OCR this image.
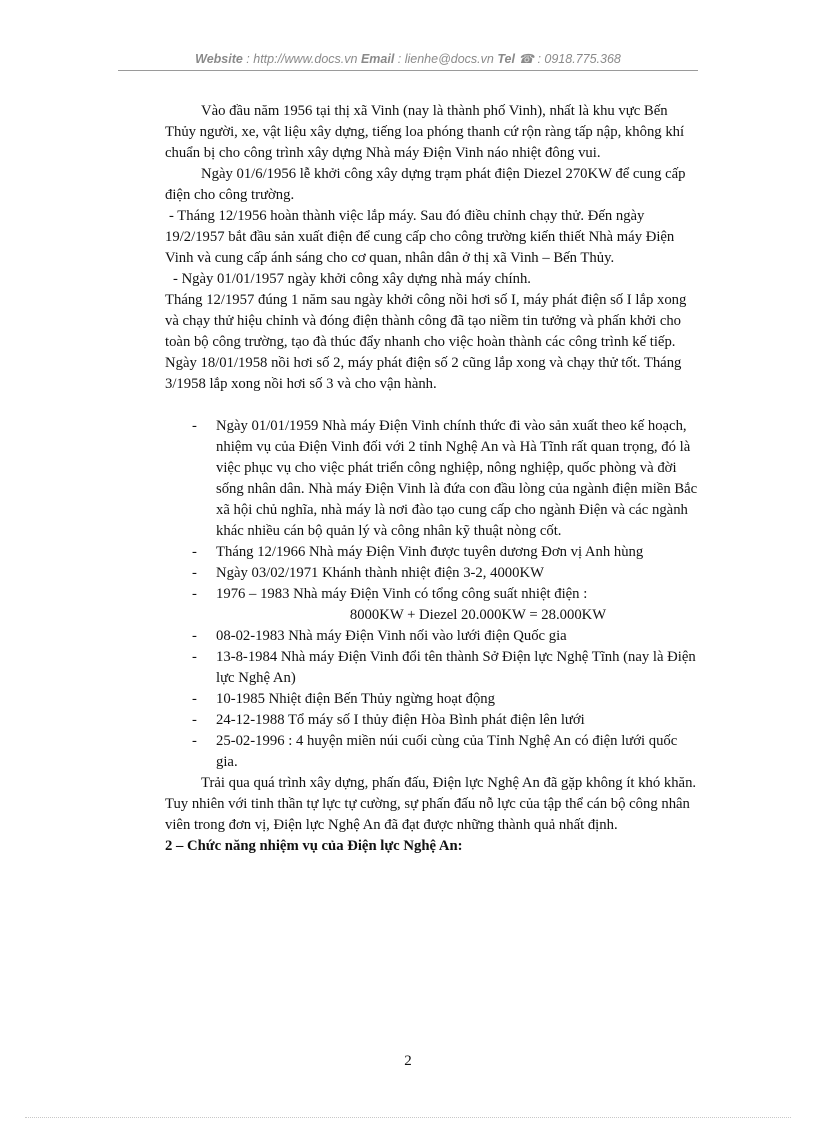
Website : http://www.docs.vn Email : lienhe@docs.vn Tel ☎ : 0918.775.368

Vào đầu năm 1956 tại thị xã Vinh (nay là thành phố Vinh), nhất là khu vực Bến Thủy người, xe, vật liệu xây dựng, tiếng loa phóng thanh cứ rộn ràng tấp nập, không khí chuẩn bị cho công trình xây dựng Nhà máy Điện Vinh náo nhiệt đông vui.

Ngày 01/6/1956 lễ khởi công xây dựng trạm phát điện Diezel 270KW để cung cấp điện cho công trường.

- Tháng 12/1956 hoàn thành việc lắp máy. Sau đó điều chỉnh chạy thử. Đến ngày 19/2/1957 bắt đầu sản xuất điện để cung cấp cho công trường kiến thiết Nhà máy Điện Vinh và cung cấp ánh sáng cho cơ quan, nhân dân ở thị xã Vinh – Bến Thủy.

- Ngày 01/01/1957 ngày khởi công xây dựng nhà máy chính.

Tháng 12/1957 đúng 1 năm sau ngày khởi công nồi hơi số I, máy phát điện số I lắp xong và chạy thử hiệu chỉnh và đóng điện thành công đã tạo niềm tin tưởng và phấn khởi cho toàn bộ công trường, tạo đà thúc đẩy nhanh cho việc hoàn thành các công trình kế tiếp. Ngày 18/01/1958 nồi hơi số 2, máy phát điện số 2 cũng lắp xong và chạy thử tốt. Tháng 3/1958 lắp xong nồi hơi số 3 và cho vận hành.

- Ngày 01/01/1959 Nhà máy Điện Vinh chính thức đi vào sản xuất theo kế hoạch, nhiệm vụ của Điện Vinh đối với 2 tỉnh Nghệ An và Hà Tĩnh rất quan trọng, đó là việc phục vụ cho việc phát triển công nghiệp, nông nghiệp, quốc phòng và đời sống nhân dân. Nhà máy Điện Vinh là đứa con đầu lòng của ngành điện miền Bắc xã hội chủ nghĩa, nhà máy là nơi đào tạo cung cấp cho ngành Điện và các ngành khác nhiều cán bộ quản lý và công nhân kỹ thuật nòng cốt.
- Tháng 12/1966 Nhà máy Điện Vinh được tuyên dương Đơn vị Anh hùng
- Ngày 03/02/1971 Khánh thành nhiệt điện 3-2, 4000KW
- 1976 – 1983 Nhà máy Điện Vinh có tổng công suất nhiệt điện :
8000KW + Diezel 20.000KW = 28.000KW
- 08-02-1983 Nhà máy Điện Vinh nối vào lưới điện Quốc gia
- 13-8-1984 Nhà máy Điện Vinh đổi tên thành Sở Điện lực Nghệ Tĩnh (nay là Điện lực Nghệ An)
- 10-1985 Nhiệt điện Bến Thủy ngừng hoạt động
- 24-12-1988 Tổ máy số I thủy điện Hòa Bình phát điện lên lưới
- 25-02-1996 : 4 huyện miền núi cuối cùng của Tỉnh Nghệ An có điện lưới quốc gia.

Trải qua quá trình xây dựng, phấn đấu, Điện lực Nghệ An đã gặp không ít khó khăn. Tuy nhiên với tinh thần tự lực tự cường, sự phấn đấu nỗ lực của tập thể cán bộ công nhân viên trong đơn vị, Điện lực Nghệ An đã đạt được những thành quả nhất định.

2 – Chức năng nhiệm vụ của Điện lực Nghệ An:

2
